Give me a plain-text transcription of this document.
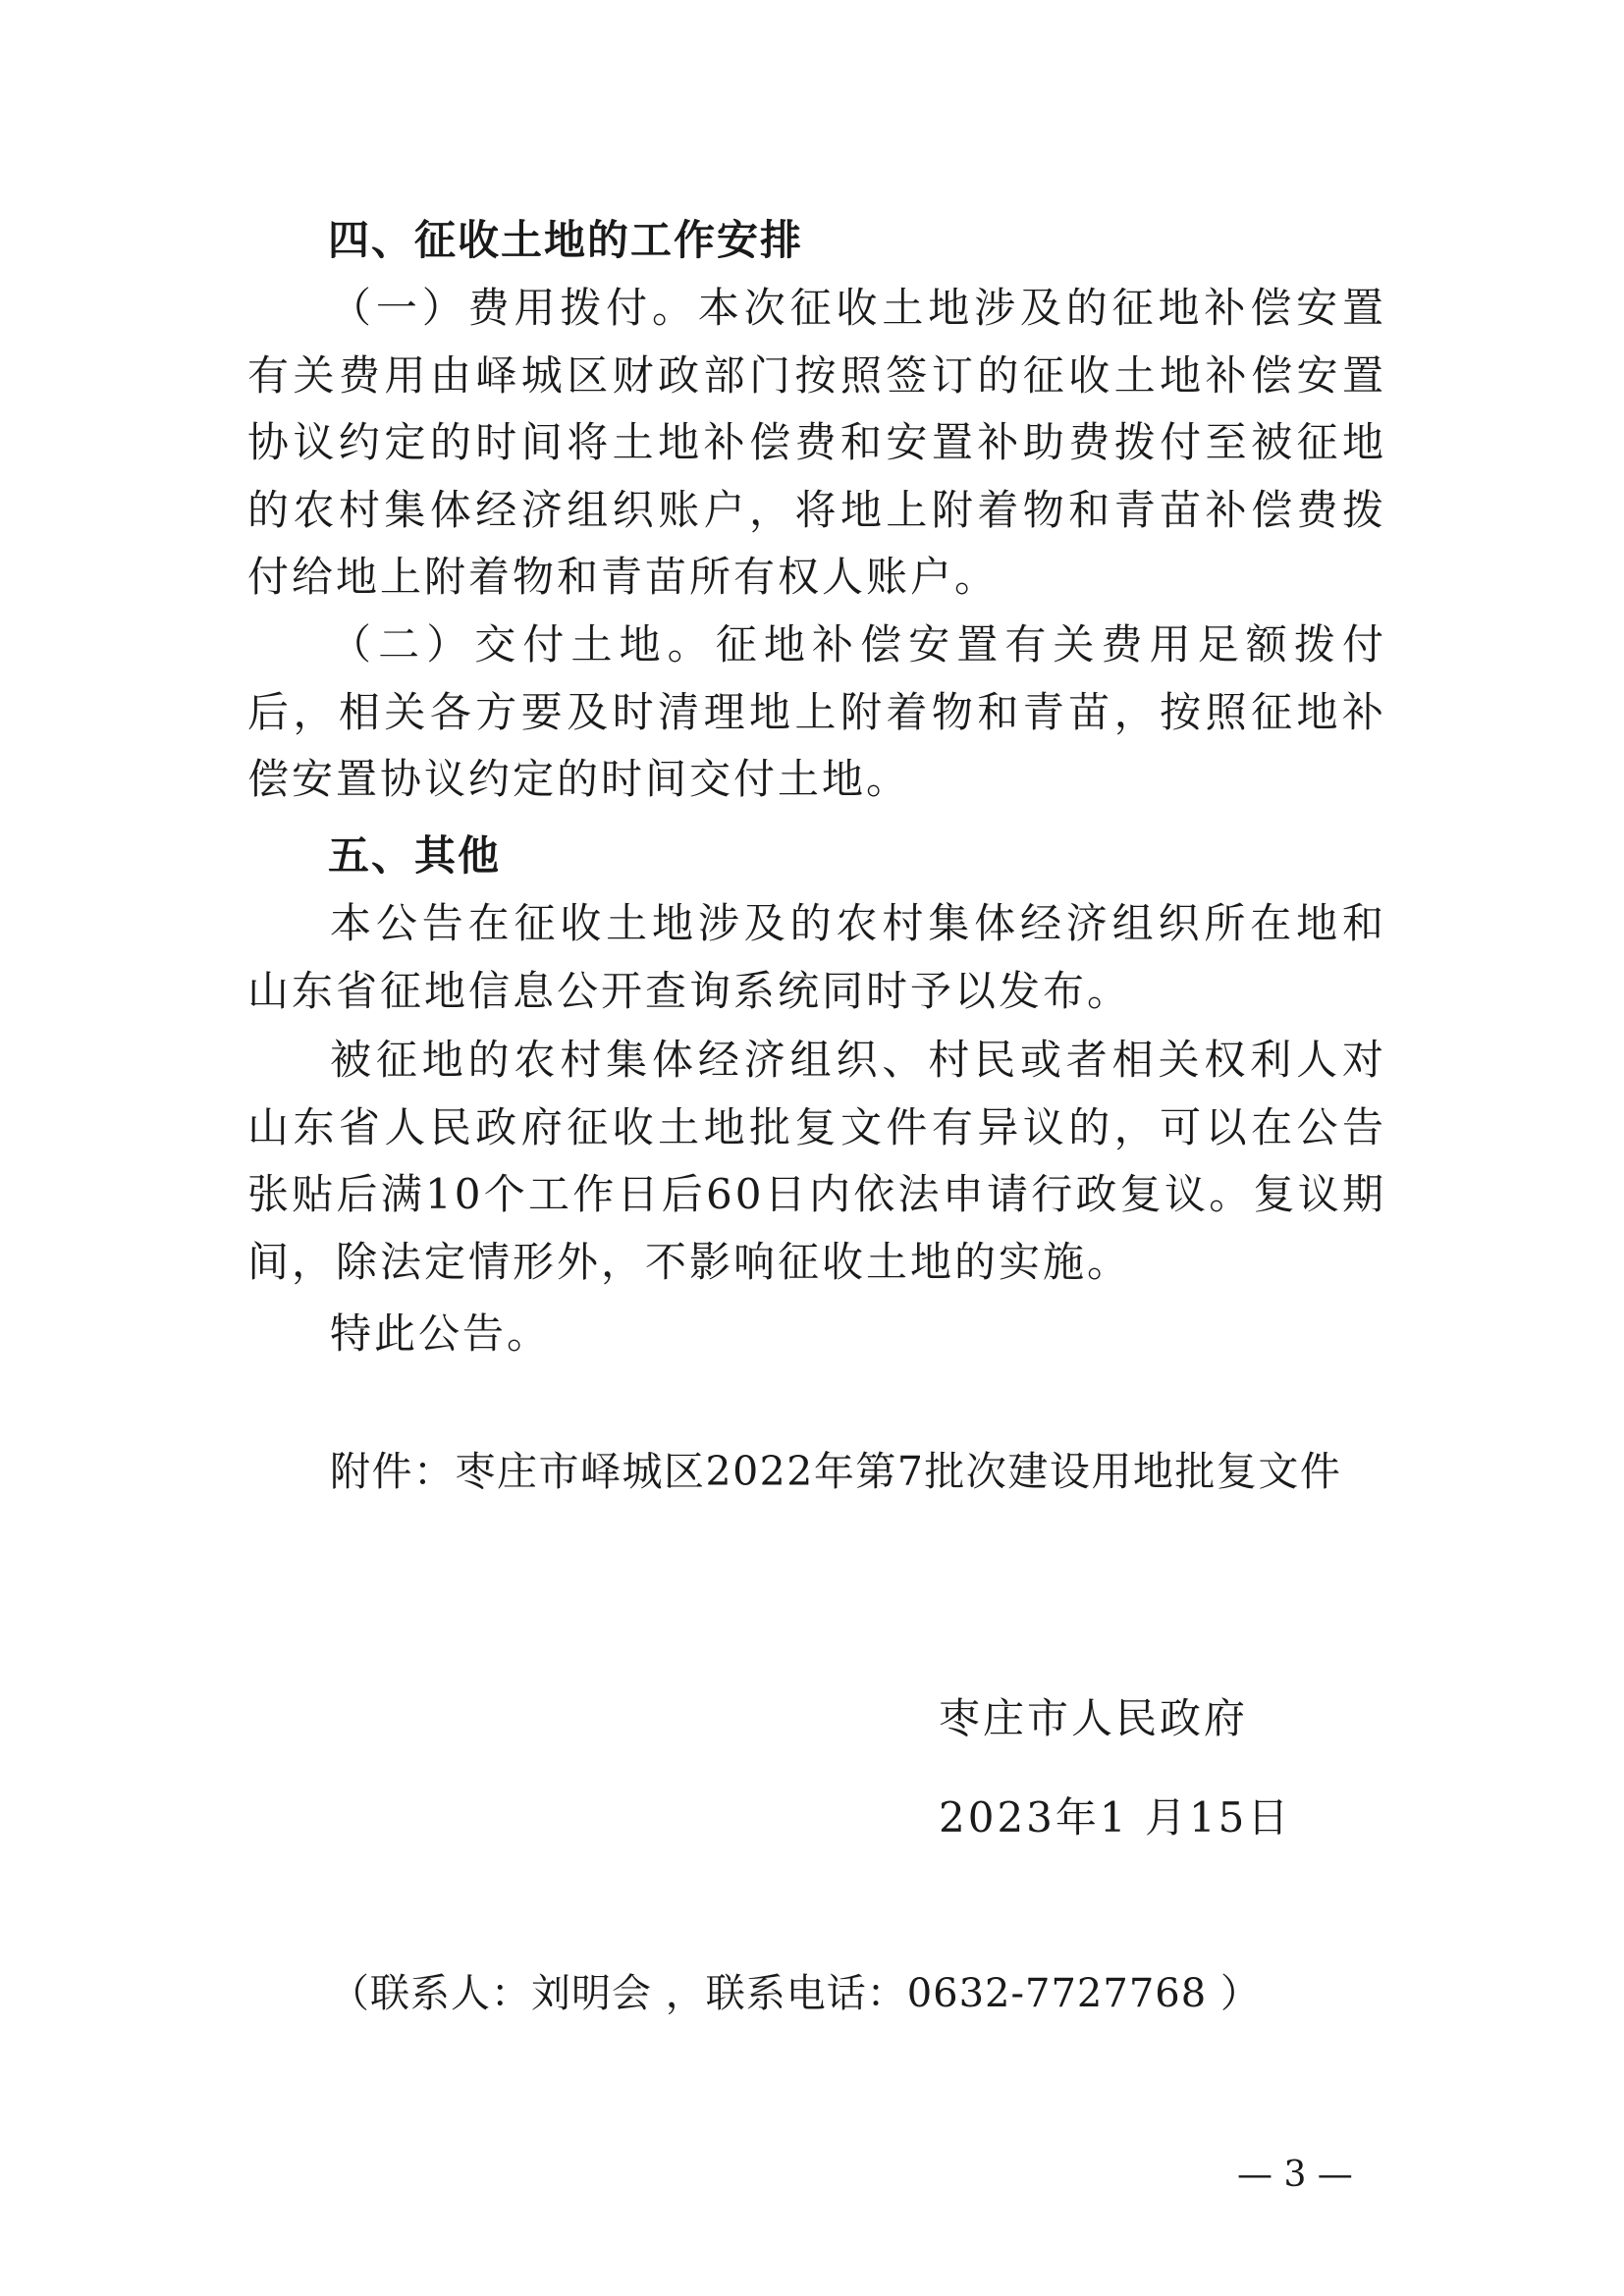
四、征收土地的工作安排
（一）费用拨付。本次征收土地涉及的征地补偿安置有关费用由峄城区财政部门按照签订的征收土地补偿安置协议约定的时间将土地补偿费和安置补助费拨付至被征地的农村集体经济组织账户，将地上附着物和青苗补偿费拨付给地上附着物和青苗所有权人账户。
（二）交付土地。征地补偿安置有关费用足额拨付后，相关各方要及时清理地上附着物和青苗，按照征地补偿安置协议约定的时间交付土地。
五、其他
本公告在征收土地涉及的农村集体经济组织所在地和山东省征地信息公开查询系统同时予以发布。
被征地的农村集体经济组织、村民或者相关权利人对山东省人民政府征收土地批复文件有异议的，可以在公告张贴后满10个工作日后60日内依法申请行政复议。复议期间，除法定情形外，不影响征收土地的实施。
特此公告。
附件：枣庄市峄城区2022年第7批次建设用地批复文件
枣庄市人民政府
2023年1 月15日
（联系人：刘明会 ，联系电话：0632-7727768 ）
— 3 —
